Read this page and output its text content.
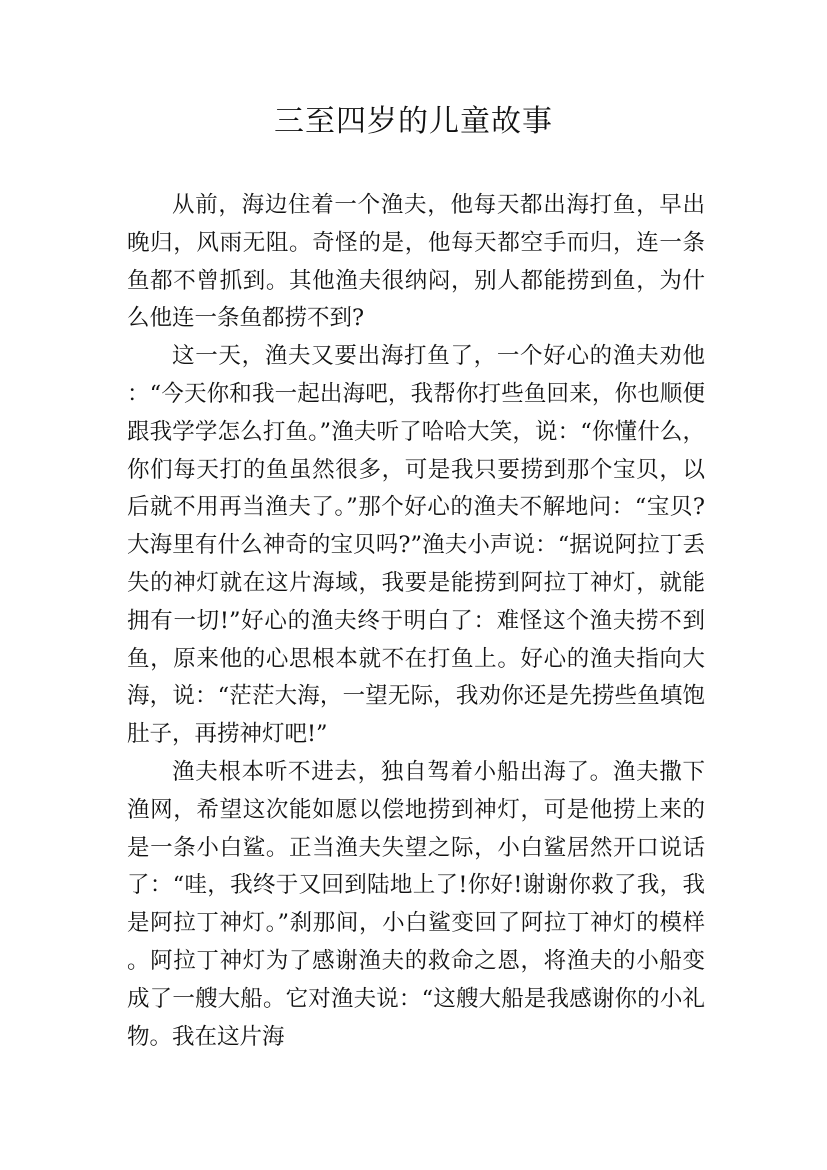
三至四岁的儿童故事

从前，海边住着一个渔夫，他每天都出海打鱼，早出晚归，风雨无阻。奇怪的是，他每天都空手而归，连一条鱼都不曾抓到。其他渔夫很纳闷，别人都能捞到鱼，为什么他连一条鱼都捞不到?

这一天，渔夫又要出海打鱼了，一个好心的渔夫劝他：“今天你和我一起出海吧，我帮你打些鱼回来，你也顺便跟我学学怎么打鱼。”渔夫听了哈哈大笑，说：“你懂什么，你们每天打的鱼虽然很多，可是我只要捞到那个宝贝，以后就不用再当渔夫了。”那个好心的渔夫不解地问：“宝贝?大海里有什么神奇的宝贝吗?”渔夫小声说：“据说阿拉丁丢失的神灯就在这片海域，我要是能捞到阿拉丁神灯，就能拥有一切!”好心的渔夫终于明白了：难怪这个渔夫捞不到鱼，原来他的心思根本就不在打鱼上。好心的渔夫指向大海，说：“茫茫大海，一望无际，我劝你还是先捞些鱼填饱肚子，再捞神灯吧!”

渔夫根本听不进去，独自驾着小船出海了。渔夫撒下渔网，希望这次能如愿以偿地捞到神灯，可是他捞上来的是一条小白鲨。正当渔夫失望之际，小白鲨居然开口说话了：“哇，我终于又回到陆地上了!你好!谢谢你救了我，我是阿拉丁神灯。”刹那间，小白鲨变回了阿拉丁神灯的模样。阿拉丁神灯为了感谢渔夫的救命之恩，将渔夫的小船变成了一艘大船。它对渔夫说：“这艘大船是我感谢你的小礼物。我在这片海
